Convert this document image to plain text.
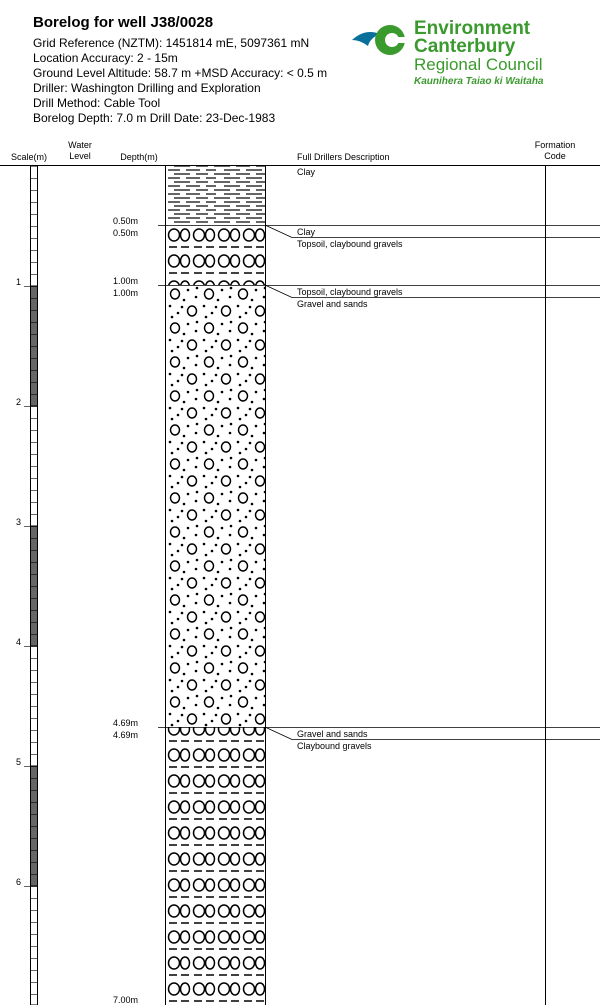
Borelog for well J38/0028
Grid Reference (NZTM): 1451814 mE, 5097361 mN
Location Accuracy: 2 - 15m
Ground Level Altitude: 58.7 m +MSD Accuracy: < 0.5 m
Driller: Washington Drilling and Exploration
Drill Method: Cable Tool
Borelog Depth: 7.0 m Drill Date: 23-Dec-1983
Environment
Canterbury
Regional Council
Kaunihera Taiao ki Waitaha
Scale(m)
Water
Level	Depth(m)	Full Drillers Description
Formation
Code
1
2
3
4
5
6
0.50m
0.50m
1.00m
1.00m
4.69m
4.69m
7.00m
Clay
Clay
Topsoil, claybound gravels
Topsoil, claybound gravels
Gravel and sands
Gravel and sands
Claybound gravels
